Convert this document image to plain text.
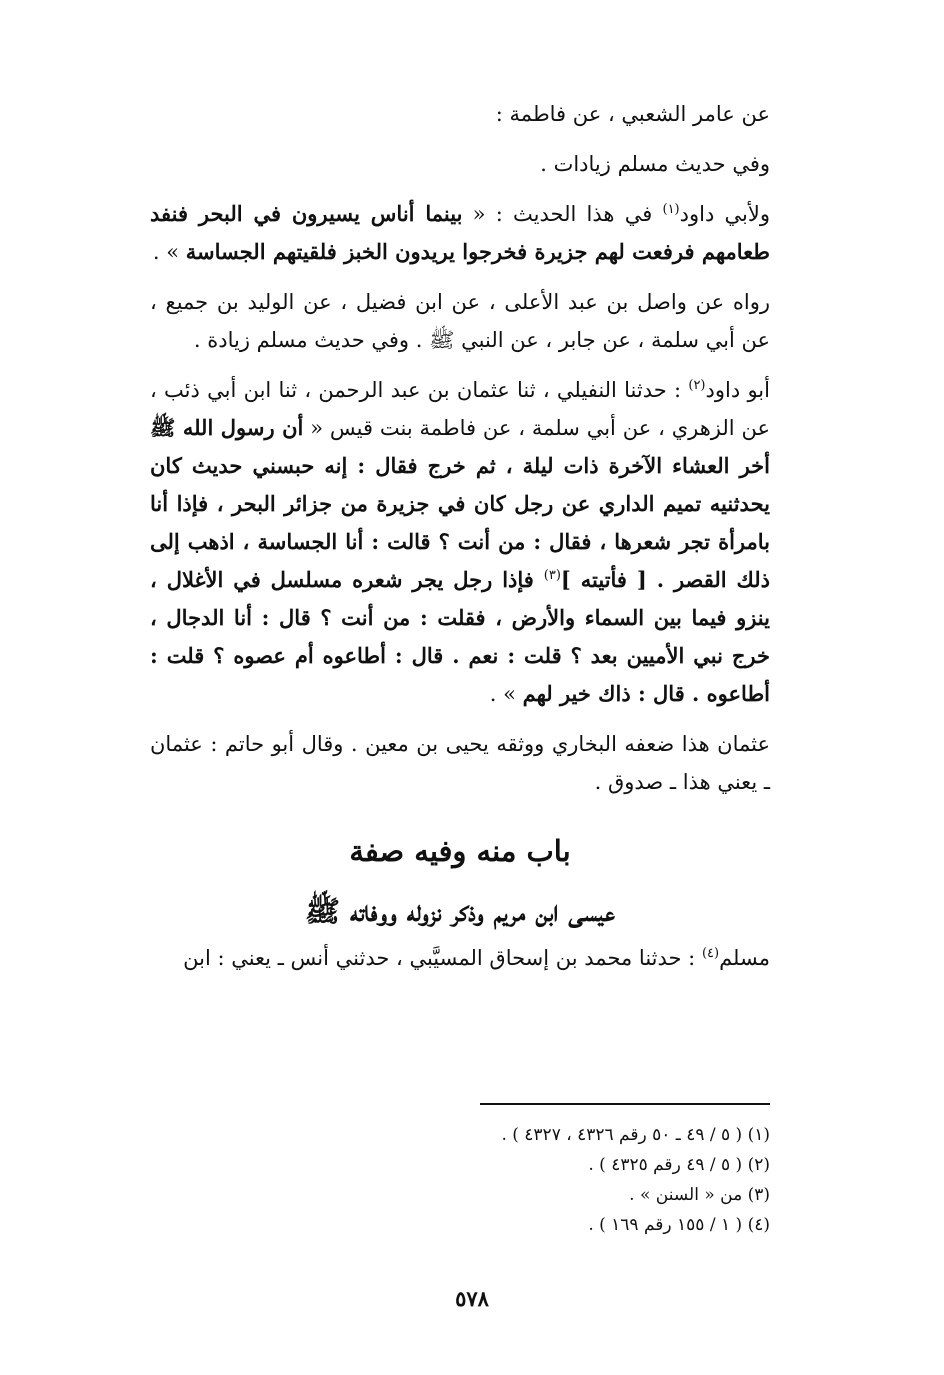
عن عامر الشعبي ، عن فاطمة :

وفي حديث مسلم زيادات .

ولأبي داود$^{(١)}$ في هذا الحديث : « بينما أناس يسيرون في البحر فنفد طعامهم فرفعت لهم جزيرة فخرجوا يريدون الخبز فلقيتهم الجساسة » .

رواه عن واصل بن عبد الأعلى ، عن ابن فضيل ، عن الوليد بن جميع ، عن أبي سلمة ، عن جابر ، عن النبي ﷺ . وفي حديث مسلم زيادة .

أبو داود$^{(٢)}$ : حدثنا النفيلي ، ثنا عثمان بن عبد الرحمن ، ثنا ابن أبي ذئب ، عن الزهري ، عن أبي سلمة ، عن فاطمة بنت قيس « أن رسول الله ﷺ أخر العشاء الآخرة ذات ليلة ، ثم خرج فقال : إنه حبسني حديث كان يحدثنيه تميم الداري عن رجل كان في جزيرة من جزائر البحر ، فإذا أنا بامرأة تجر شعرها ، فقال : من أنت ؟ قالت : أنا الجساسة ، اذهب إلى ذلك القصر . [ فأتيته ]$^{(٣)}$ فإذا رجل يجر شعره مسلسل في الأغلال ، ينزو فيما بين السماء والأرض ، فقلت : من أنت ؟ قال : أنا الدجال ، خرج نبي الأميين بعد ؟ قلت : نعم . قال : أطاعوه أم عصوه ؟ قلت : أطاعوه . قال : ذاك خير لهم » .

عثمان هذا ضعفه البخاري ووثقه يحيى بن معين . وقال أبو حاتم : عثمان ـ يعني هذا ـ صدوق .

باب منه وفيه صفة

عيسى ابن مريم وذكر نزوله ووفاته ﷺ

مسلم$^{(٤)}$ : حدثنا محمد بن إسحاق المسيَّبي ، حدثني أنس ـ يعني : ابن

(١) ( ٥ / ٤٩ ـ ٥٠ رقم ٤٣٢٦ ، ٤٣٢٧ ) .

(٢) ( ٥ / ٤٩ رقم ٤٣٢٥ ) .

(٣) من « السنن » .

(٤) ( ١ / ١٥٥ رقم ١٦٩ ) .

٥٧٨
